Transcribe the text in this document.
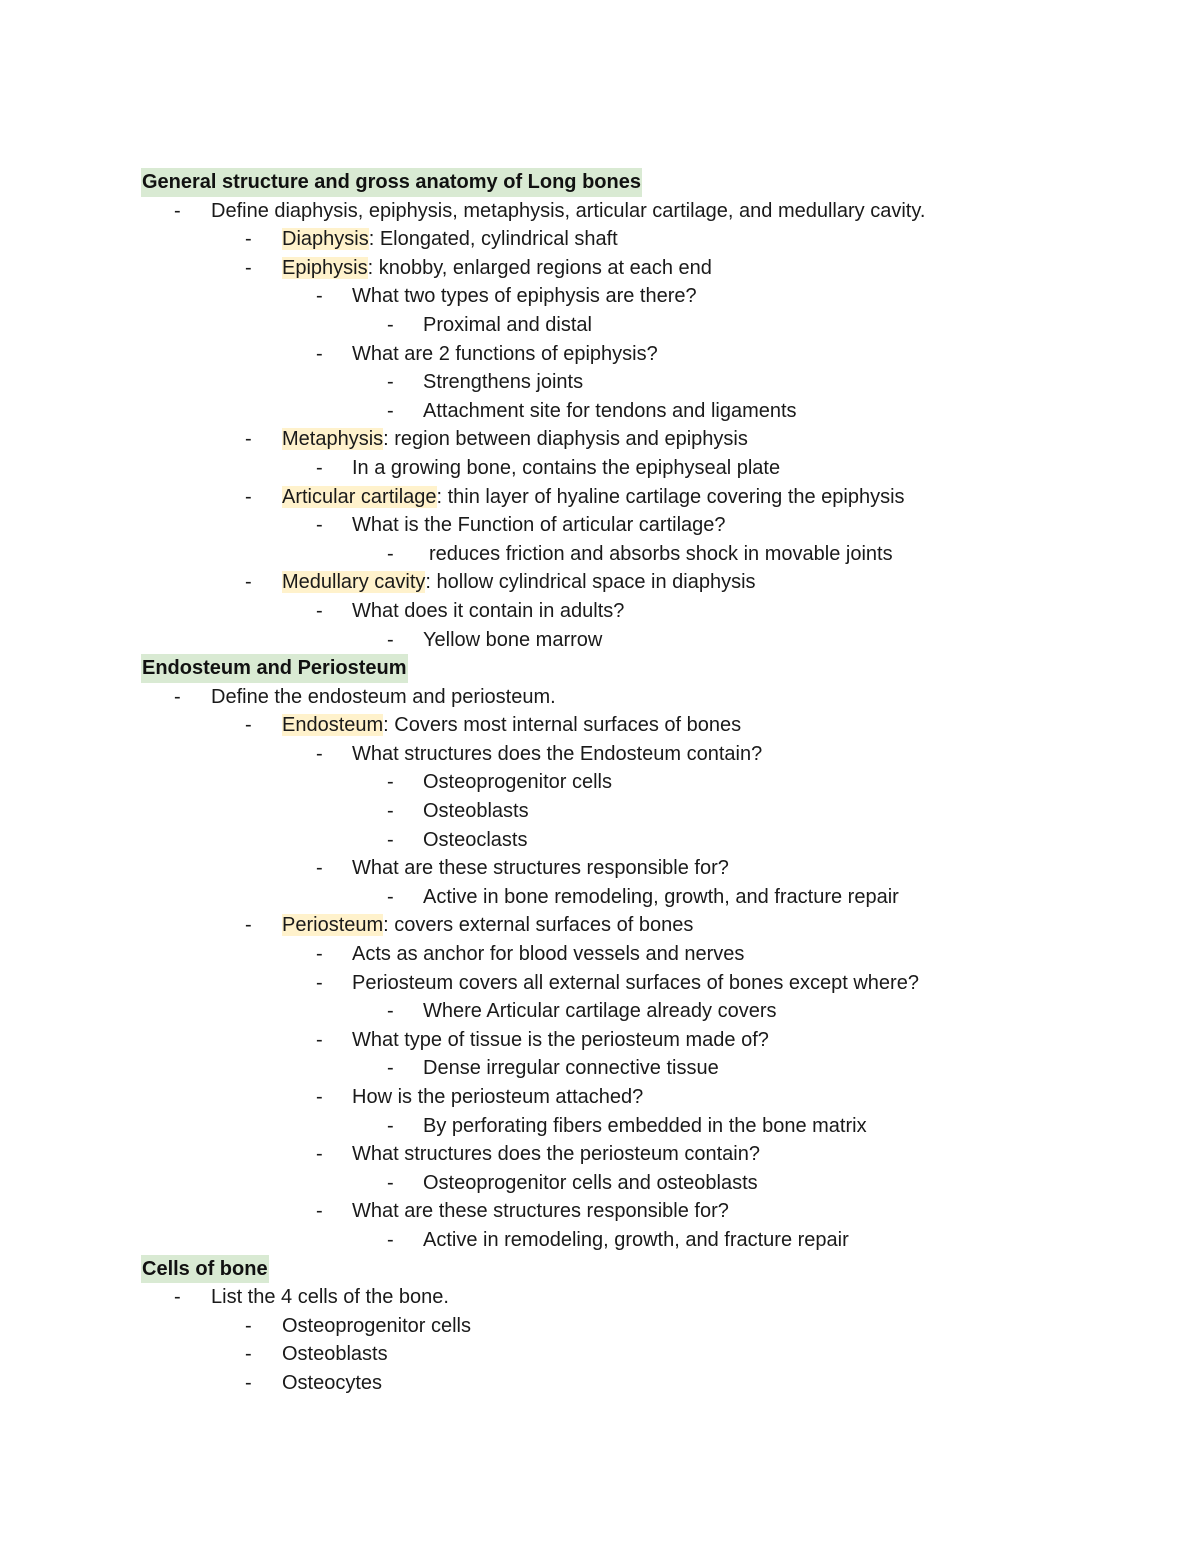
General structure and gross anatomy of Long bones
-	Define diaphysis, epiphysis, metaphysis, articular cartilage, and medullary cavity.
-	Diaphysis: Elongated, cylindrical shaft
-	Epiphysis: knobby, enlarged regions at each end
-	What two types of epiphysis are there?
-	Proximal and distal
-	What are 2 functions of epiphysis?
-	Strengthens joints
-	Attachment site for tendons and ligaments
-	Metaphysis: region between diaphysis and epiphysis
-	In a growing bone, contains the epiphyseal plate
-	Articular cartilage: thin layer of hyaline cartilage covering the epiphysis
-	What is the Function of articular cartilage?
-	reduces friction and absorbs shock in movable joints
-	Medullary cavity: hollow cylindrical space in diaphysis
-	What does it contain in adults?
-	Yellow bone marrow
Endosteum and Periosteum
-	Define the endosteum and periosteum.
-	Endosteum: Covers most internal surfaces of bones
-	What structures does the Endosteum contain?
-	Osteoprogenitor cells
-	Osteoblasts
-	Osteoclasts
-	What are these structures responsible for?
-	Active in bone remodeling, growth, and fracture repair
-	Periosteum: covers external surfaces of bones
-	Acts as anchor for blood vessels and nerves
-	Periosteum covers all external surfaces of bones except where?
-	Where Articular cartilage already covers
-	What type of tissue is the periosteum made of?
-	Dense irregular connective tissue
-	How is the periosteum attached?
-	By perforating fibers embedded in the bone matrix
-	What structures does the periosteum contain?
-	Osteoprogenitor cells and osteoblasts
-	What are these structures responsible for?
-	Active in remodeling, growth, and fracture repair
Cells of bone
-	List the 4 cells of the bone.
-	Osteoprogenitor cells
-	Osteoblasts
-	Osteocytes
